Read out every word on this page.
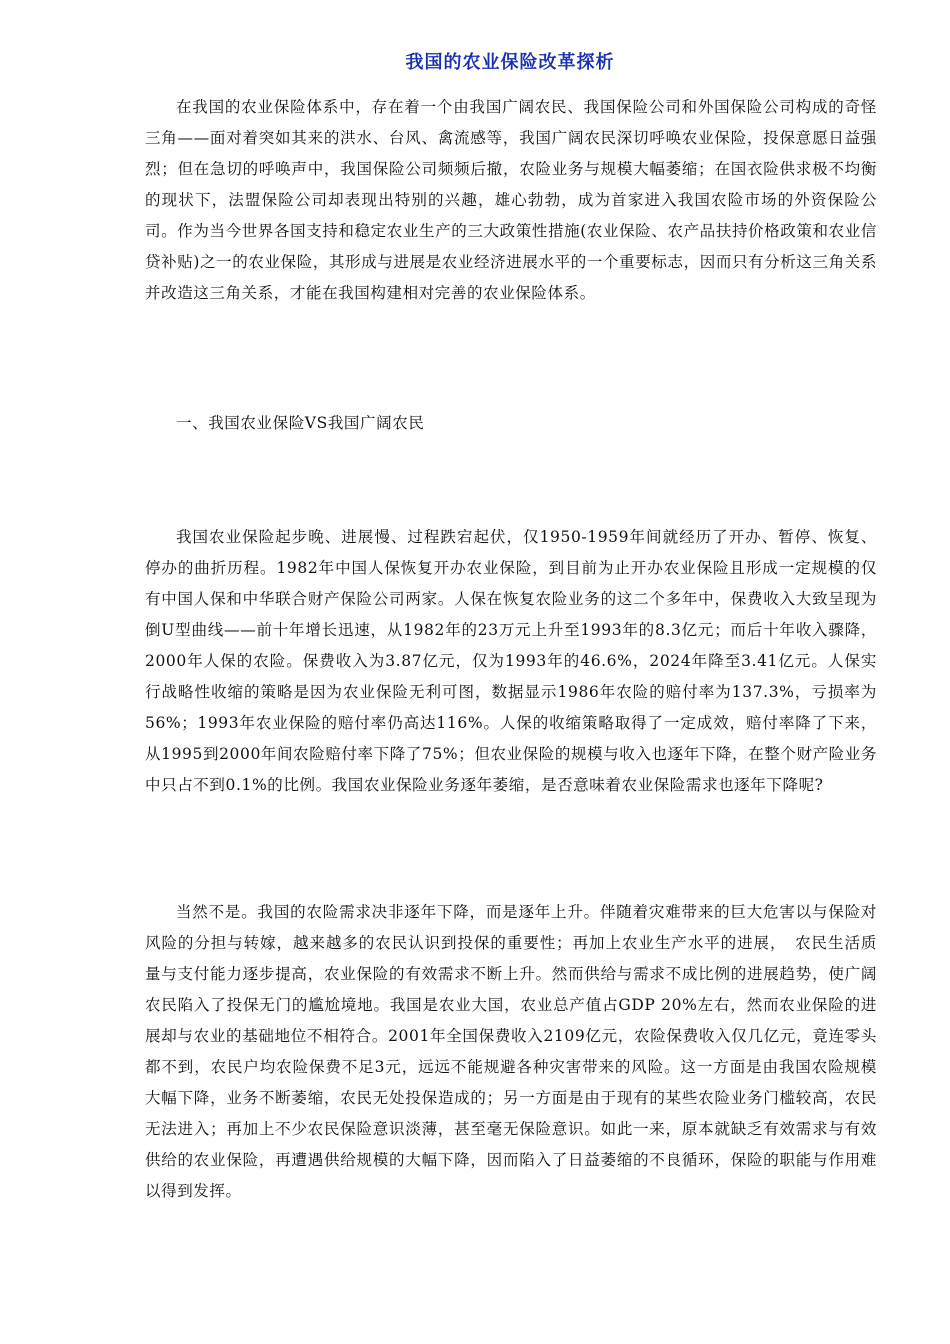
我国的农业保险改革探析

在我国的农业保险体系中，存在着一个由我国广阔农民、我国保险公司和外国保险公司构成的奇怪三角——面对着突如其来的洪水、台风、禽流感等，我国广阔农民深切呼唤农业保险，投保意愿日益强烈；但在急切的呼唤声中，我国保险公司频频后撤，农险业务与规模大幅萎缩；在国衣险供求极不均衡的现状下，法盟保险公司却表现出特别的兴趣，雄心勃勃，成为首家进入我国农险市场的外资保险公司。作为当今世界各国支持和稳定农业生产的三大政策性措施(农业保险、农产品扶持价格政策和农业信贷补贴)之一的农业保险，其形成与进展是农业经济进展水平的一个重要标志，因而只有分析这三角关系并改造这三角关系，才能在我国构建相对完善的农业保险体系。

一、我国农业保险VS我国广阔农民

我国农业保险起步晚、进展慢、过程跌宕起伏，仅1950-1959年间就经历了开办、暂停、恢复、停办的曲折历程。1982年中国人保恢复开办农业保险，到目前为止开办农业保险且形成一定规模的仅有中国人保和中华联合财产保险公司两家。人保在恢复农险业务的这二个多年中，保费收入大致呈现为倒U型曲线——前十年增长迅速，从1982年的23万元上升至1993年的8.3亿元；而后十年收入骤降，2000年人保的农险。保费收入为3.87亿元，仅为1993年的46.6%，2024年降至3.41亿元。人保实行战略性收缩的策略是因为农业保险无利可图，数据显示1986年农险的赔付率为137.3%，亏损率为56%；1993年农业保险的赔付率仍高达116%。人保的收缩策略取得了一定成效，赔付率降了下来，从1995到2000年间农险赔付率下降了75%；但农业保险的规模与收入也逐年下降，在整个财产险业务中只占不到0.1%的比例。我国农业保险业务逐年萎缩，是否意味着农业保险需求也逐年下降呢?

当然不是。我国的农险需求决非逐年下降，而是逐年上升。伴随着灾难带来的巨大危害以与保险对风险的分担与转嫁，越来越多的农民认识到投保的重要性；再加上农业生产水平的进展，　农民生活质量与支付能力逐步提高，农业保险的有效需求不断上升。然而供给与需求不成比例的进展趋势，使广阔农民陷入了投保无门的尴尬境地。我国是农业大国，农业总产值占GDP 20%左右，然而农业保险的进展却与农业的基础地位不相符合。2001年全国保费收入2109亿元，农险保费收入仅几亿元，竟连零头都不到，农民户均农险保费不足3元，远远不能规避各种灾害带来的风险。这一方面是由我国农险规模大幅下降，业务不断萎缩，农民无处投保造成的；另一方面是由于现有的某些农险业务门槛较高，农民无法进入；再加上不少农民保险意识淡薄，甚至毫无保险意识。如此一来，原本就缺乏有效需求与有效供给的农业保险，再遭遇供给规模的大幅下降，因而陷入了日益萎缩的不良循环，保险的职能与作用难以得到发挥。
